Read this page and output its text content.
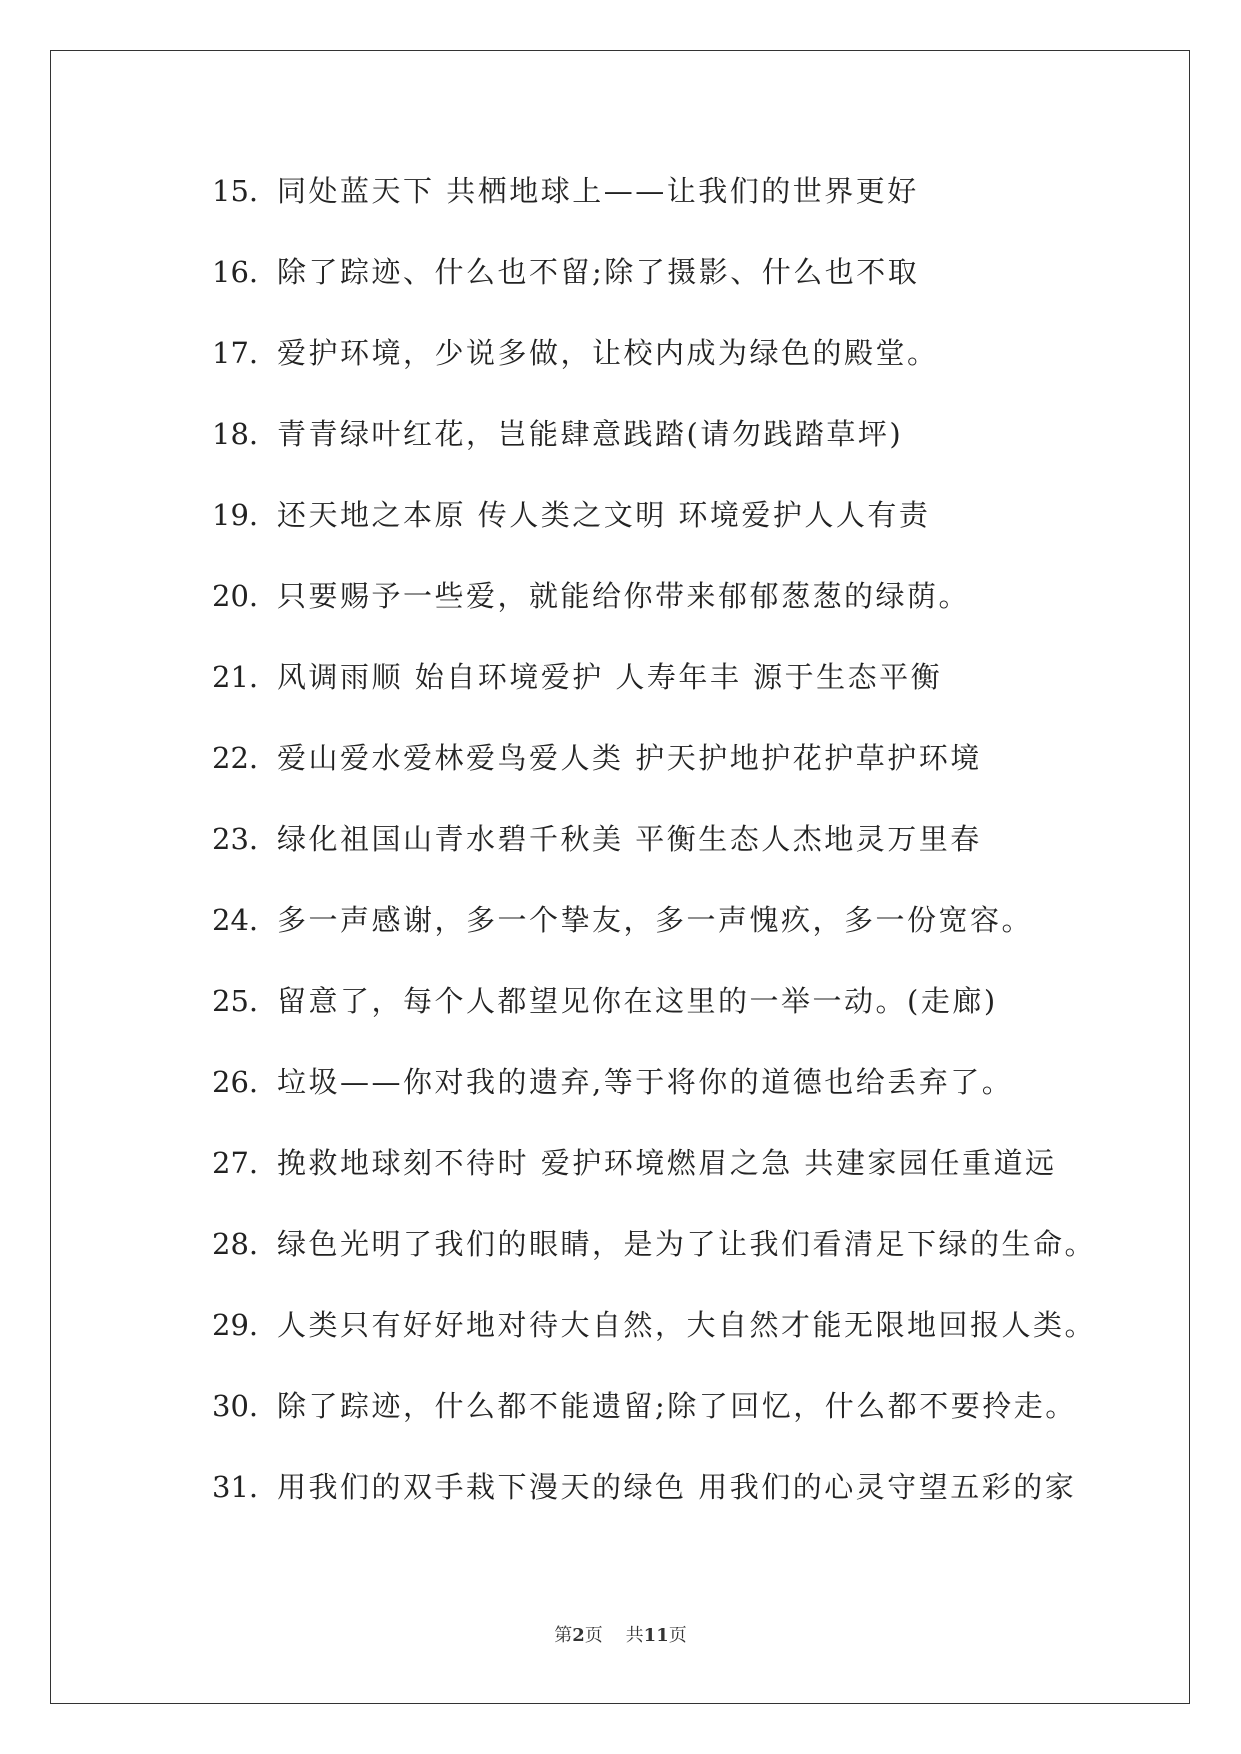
15. 同处蓝天下 共栖地球上——让我们的世界更好
16. 除了踪迹、什么也不留;除了摄影、什么也不取
17. 爱护环境，少说多做，让校内成为绿色的殿堂。
18. 青青绿叶红花，岂能肆意践踏(请勿践踏草坪)
19. 还天地之本原 传人类之文明 环境爱护人人有责
20. 只要赐予一些爱，就能给你带来郁郁葱葱的绿荫。
21. 风调雨顺 始自环境爱护 人寿年丰 源于生态平衡
22. 爱山爱水爱林爱鸟爱人类 护天护地护花护草护环境
23. 绿化祖国山青水碧千秋美 平衡生态人杰地灵万里春
24. 多一声感谢，多一个挚友，多一声愧疚，多一份宽容。
25. 留意了，每个人都望见你在这里的一举一动。(走廊)
26. 垃圾——你对我的遗弃,等于将你的道德也给丢弃了。
27. 挽救地球刻不待时 爱护环境燃眉之急 共建家园任重道远
28. 绿色光明了我们的眼睛，是为了让我们看清足下绿的生命。
29. 人类只有好好地对待大自然，大自然才能无限地回报人类。
30. 除了踪迹，什么都不能遗留;除了回忆，什么都不要拎走。
31. 用我们的双手栽下漫天的绿色 用我们的心灵守望五彩的家
第2页 共11页
